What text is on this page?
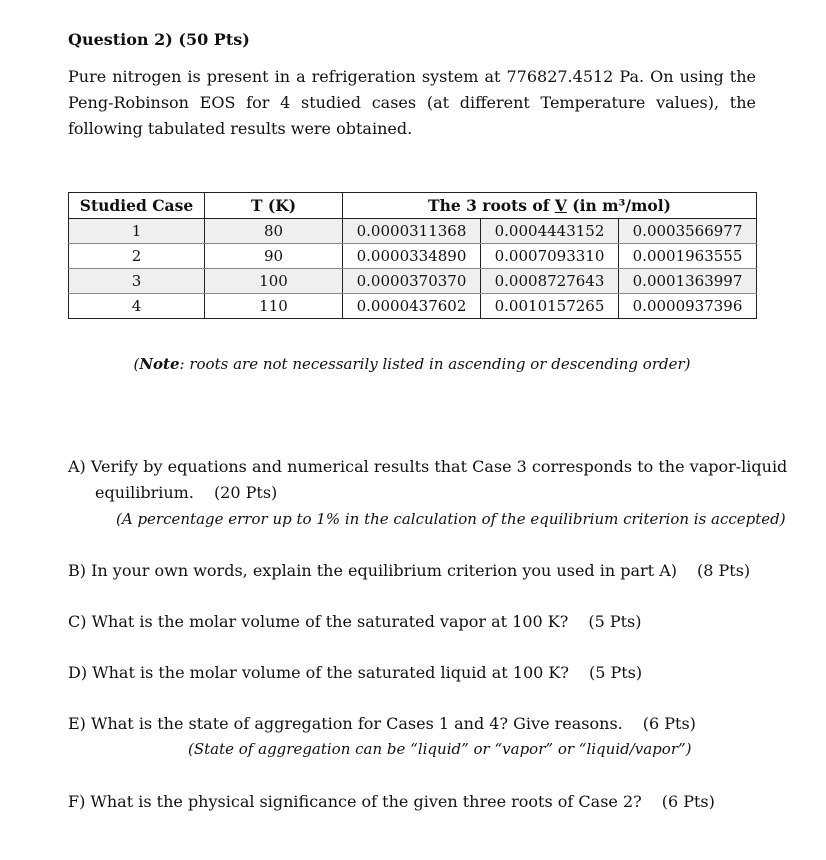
Question 2) (50 Pts)
Pure nitrogen is present in a refrigeration system at 776827.4512 Pa. On using the Peng-Robinson EOS for 4 studied cases (at different Temperature values), the following tabulated results were obtained.
Studied Case	T (K)	The 3 roots of V (in m³/mol)		
1	80	0.0000311368	0.0004443152	0.0003566977
2	90	0.0000334890	0.0007093310	0.0001963555
3	100	0.0000370370	0.0008727643	0.0001363997
4	110	0.0000437602	0.0010157265	0.0000937396
(Note: roots are not necessarily listed in ascending or descending order)
A) Verify by equations and numerical results that Case 3 corresponds to the vapor-liquid
equilibrium. (20 Pts)
(A percentage error up to 1% in the calculation of the equilibrium criterion is accepted)
B) In your own words, explain the equilibrium criterion you used in part A) (8 Pts)
C) What is the molar volume of the saturated vapor at 100 K? (5 Pts)
D) What is the molar volume of the saturated liquid at 100 K? (5 Pts)
E) What is the state of aggregation for Cases 1 and 4? Give reasons. (6 Pts)
(State of aggregation can be “liquid” or “vapor” or “liquid/vapor”)
F) What is the physical significance of the given three roots of Case 2? (6 Pts)
